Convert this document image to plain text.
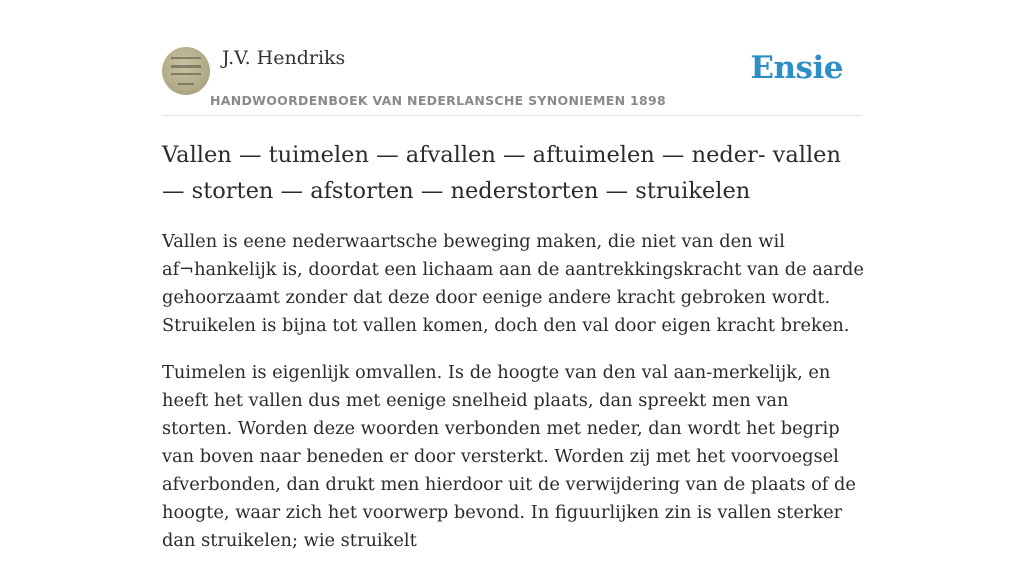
J.V. Hendriks
HANDWOORDENBOEK VAN NEDERLANSCHE SYNONIEMEN 1898
Ensie
Vallen — tuimelen — afvallen — aftuimelen — neder- vallen — storten — afstorten — nederstorten — struikelen

Vallen is eene nederwaartsche beweging maken, die niet van den wil af¬hankelijk is, doordat een lichaam aan de aantrekkingskracht van de aarde gehoorzaamt zonder dat deze door eenige andere kracht gebroken wordt. Struikelen is bijna tot vallen komen, doch den val door eigen kracht breken.

Tuimelen is eigenlijk omvallen. Is de hoogte van den val aan-merkelijk, en heeft het vallen dus met eenige snelheid plaats, dan spreekt men van storten. Worden deze woorden verbonden met neder, dan wordt het begrip van boven naar beneden er door versterkt. Worden zij met het voorvoegsel afverbonden, dan drukt men hierdoor uit de verwijdering van de plaats of de hoogte, waar zich het voorwerp bevond. In figuurlijken zin is vallen sterker dan struikelen; wie struikelt
